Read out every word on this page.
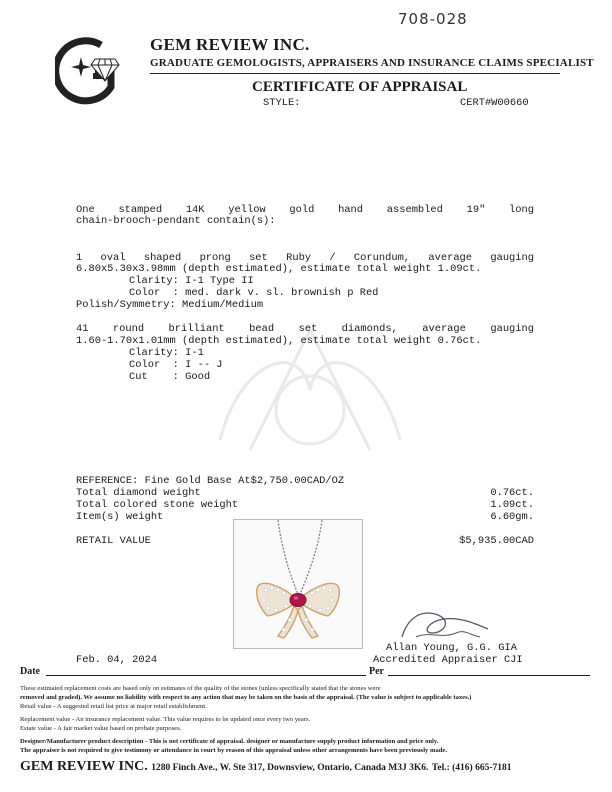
708-028
GEM REVIEW INC.
GRADUATE GEMOLOGISTS, APPRAISERS AND INSURANCE CLAIMS SPECIALIST
CERTIFICATE OF APPRAISAL
STYLE:	CERT#W00660
One stamped 14K yellow gold hand assembled 19" long
chain-brooch-pendant contain(s):
1 oval shaped prong set Ruby / Corundum, average gauging
6.80x5.30x3.98mm (depth estimated), estimate total weight 1.09ct.
Clarity: I-1 Type II
Color  : med. dark v. sl. brownish p Red
Polish/Symmetry: Medium/Medium
41 round brilliant bead set diamonds, average gauging
1.60-1.70x1.01mm (depth estimated), estimate total weight 0.76ct.
Clarity: I-1
Color  : I -- J
Cut    : Good
REFERENCE: Fine Gold Base At$2,750.00CAD/OZ
Total diamond weight	0.76ct.
Total colored stone weight	1.09ct.
Item(s) weight	6.60gm.
RETAIL VALUE	$5,935.00CAD
Allan Young, G.G. GIA
Accredited Appraiser CJI
Feb. 04, 2024
Date	Per
These estimated replacement costs are based only on estimates of the quality of the stones (unless specifically stated that the stones were
removed and graded). We assume no liability with respect to any action that may be taken on the basis of the appraisal. (The value is subject to applicable taxes.)
Retail value - A suggested retail list price at major retail establishment.
Replacement value - An insurance replacement value. This value requires to be updated once every two years.
Estate value - A fair market value based on probate purposes.
Designer/Manufacturer product description - This is not certificate of appraisal. designer or manufacture supply product information and price only.
The appraiser is not required to give testimony or attendance in court by reason of this appraisal unless other arrangements have been previously made.
GEM REVIEW INC. 1280 Finch Ave., W. Ste 317, Downsview, Ontario, Canada M3J 3K6. Tel.: (416) 665-7181
